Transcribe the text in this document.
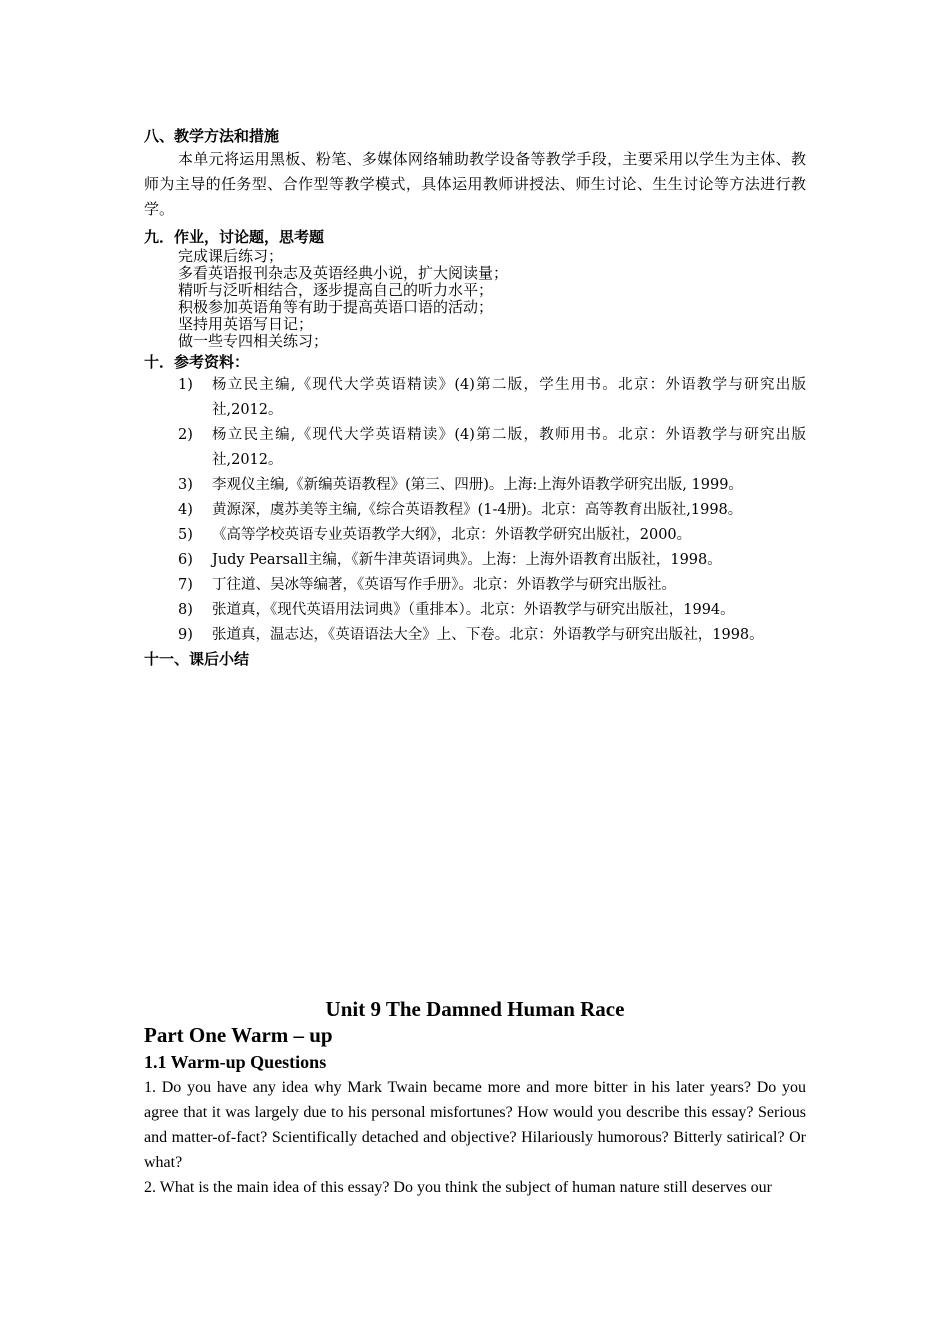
八、教学方法和措施

本单元将运用黑板、粉笔、多媒体网络辅助教学设备等教学手段，主要采用以学生为主体、教师为主导的任务型、合作型等教学模式，具体运用教师讲授法、师生讨论、生生讨论等方法进行教学。

九．作业，讨论题，思考题

完成课后练习；
多看英语报刊杂志及英语经典小说，扩大阅读量；
精听与泛听相结合，逐步提高自己的听力水平；
积极参加英语角等有助于提高英语口语的活动；
坚持用英语写日记；
做一些专四相关练习；

十．参考资料：

1) 杨立民主编,《现代大学英语精读》(4)第二版，学生用书。北京：外语教学与研究出版社,2012。
2) 杨立民主编,《现代大学英语精读》(4)第二版，教师用书。北京：外语教学与研究出版社,2012。
3) 李观仪主编,《新编英语教程》(第三、四册)。上海:上海外语教学研究出版, 1999。
4) 黄源深，虞苏美等主编,《综合英语教程》(1-4册)。北京：高等教育出版社,1998。
5) 《高等学校英语专业英语教学大纲》，北京：外语教学研究出版社，2000。
6) Judy Pearsall主编，《新牛津英语词典》。上海：上海外语教育出版社，1998。
7) 丁往道、吴冰等编著，《英语写作手册》。北京：外语教学与研究出版社。
8) 张道真，《现代英语用法词典》（重排本）。北京：外语教学与研究出版社，1994。
9) 张道真，温志达，《英语语法大全》上、下卷。北京：外语教学与研究出版社，1998。

十一、课后小结

Unit 9 The Damned Human Race

Part One Warm – up

1.1 Warm-up Questions

1. Do you have any idea why Mark Twain became more and more bitter in his later years? Do you agree that it was largely due to his personal misfortunes? How would you describe this essay? Serious and matter-of-fact? Scientifically detached and objective? Hilariously humorous? Bitterly satirical? Or what?

2. What is the main idea of this essay? Do you think the subject of human nature still deserves our
